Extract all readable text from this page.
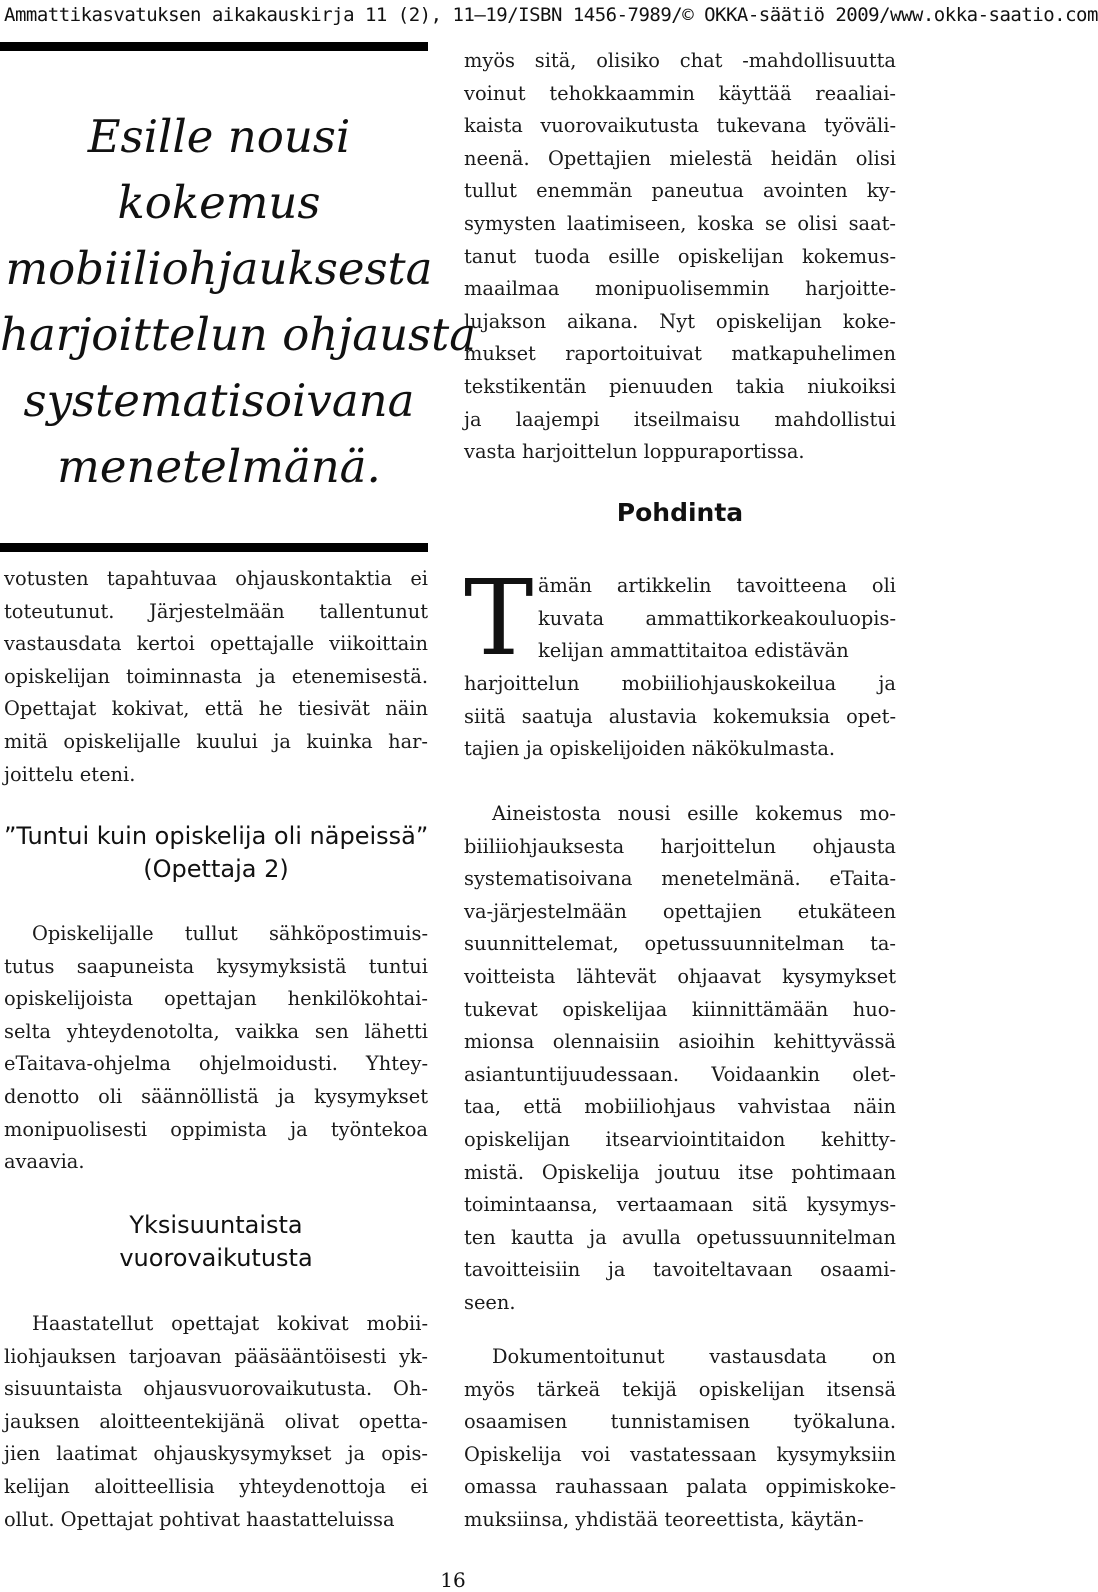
Ammattikasvatuksen aikakauskirja 11 (2), 11–19/ISBN 1456-7989/© OKKA-säätiö 2009/www.okka-saatio.com
Esille nousi
kokemus
mobiiliohjauksesta
harjoittelun ohjausta
systematisoivana
menetelmänä.
votusten tapahtuvaa ohjauskontaktia ei
toteutunut. Järjestelmään tallentunut
vastausdata kertoi opettajalle viikoittain
opiskelijan toiminnasta ja etenemisestä.
Opettajat kokivat, että he tiesivät näin
mitä opiskelijalle kuului ja kuinka har-
joittelu eteni.
”Tuntui kuin opiskelija oli näpeissä”
(Opettaja 2)
Opiskelijalle tullut sähköpostimuis-
tutus saapuneista kysymyksistä tuntui
opiskelijoista opettajan henkilökohtai-
selta yhteydenotolta, vaikka sen lähetti
eTaitava-ohjelma ohjelmoidusti. Yhtey-
denotto oli säännöllistä ja kysymykset
monipuolisesti oppimista ja työntekoa
avaavia.
Yksisuuntaista
vuorovaikutusta
Haastatellut opettajat kokivat mobii-
liohjauksen tarjoavan pääsääntöisesti yk-
sisuuntaista ohjausvuorovaikutusta. Oh-
jauksen aloitteentekijänä olivat opetta-
jien laatimat ohjauskysymykset ja opis-
kelijan aloitteellisia yhteydenottoja ei
ollut. Opettajat pohtivat haastatteluissa
myös sitä, olisiko chat -mahdollisuutta
voinut tehokkaammin käyttää reaaliai-
kaista vuorovaikutusta tukevana työväli-
neenä. Opettajien mielestä heidän olisi
tullut enemmän paneutua avointen ky-
symysten laatimiseen, koska se olisi saat-
tanut tuoda esille opiskelijan kokemus-
maailmaa monipuolisemmin harjoitte-
lujakson aikana. Nyt opiskelijan koke-
mukset raportoituivat matkapuhelimen
tekstikentän pienuuden takia niukoiksi
ja laajempi itseilmaisu mahdollistui
vasta harjoittelun loppuraportissa.
Pohdinta
T ämän artikkelin tavoitteena oli
kuvata ammattikorkeakouluopis-
kelijan ammattitaitoa edistävän
harjoittelun mobiiliohjauskokeilua ja
siitä saatuja alustavia kokemuksia opet-
tajien ja opiskelijoiden näkökulmasta.
Aineistosta nousi esille kokemus mo-
biiliiohjauksesta harjoittelun ohjausta
systematisoivana menetelmänä. eTaita-
va-järjestelmään opettajien etukäteen
suunnittelemat, opetussuunnitelman ta-
voitteista lähtevät ohjaavat kysymykset
tukevat opiskelijaa kiinnittämään huo-
mionsa olennaisiin asioihin kehittyvässä
asiantuntijuudessaan. Voidaankin olet-
taa, että mobiiliohjaus vahvistaa näin
opiskelijan itsearviointitaidon kehitty-
mistä. Opiskelija joutuu itse pohtimaan
toimintaansa, vertaamaan sitä kysymys-
ten kautta ja avulla opetussuunnitelman
tavoitteisiin ja tavoiteltavaan osaami-
seen.
Dokumentoitunut vastausdata on
myös tärkeä tekijä opiskelijan itsensä
osaamisen tunnistamisen työkaluna.
Opiskelija voi vastatessaan kysymyksiin
omassa rauhassaan palata oppimiskoke-
muksiinsa, yhdistää teoreettista, käytän-
16
